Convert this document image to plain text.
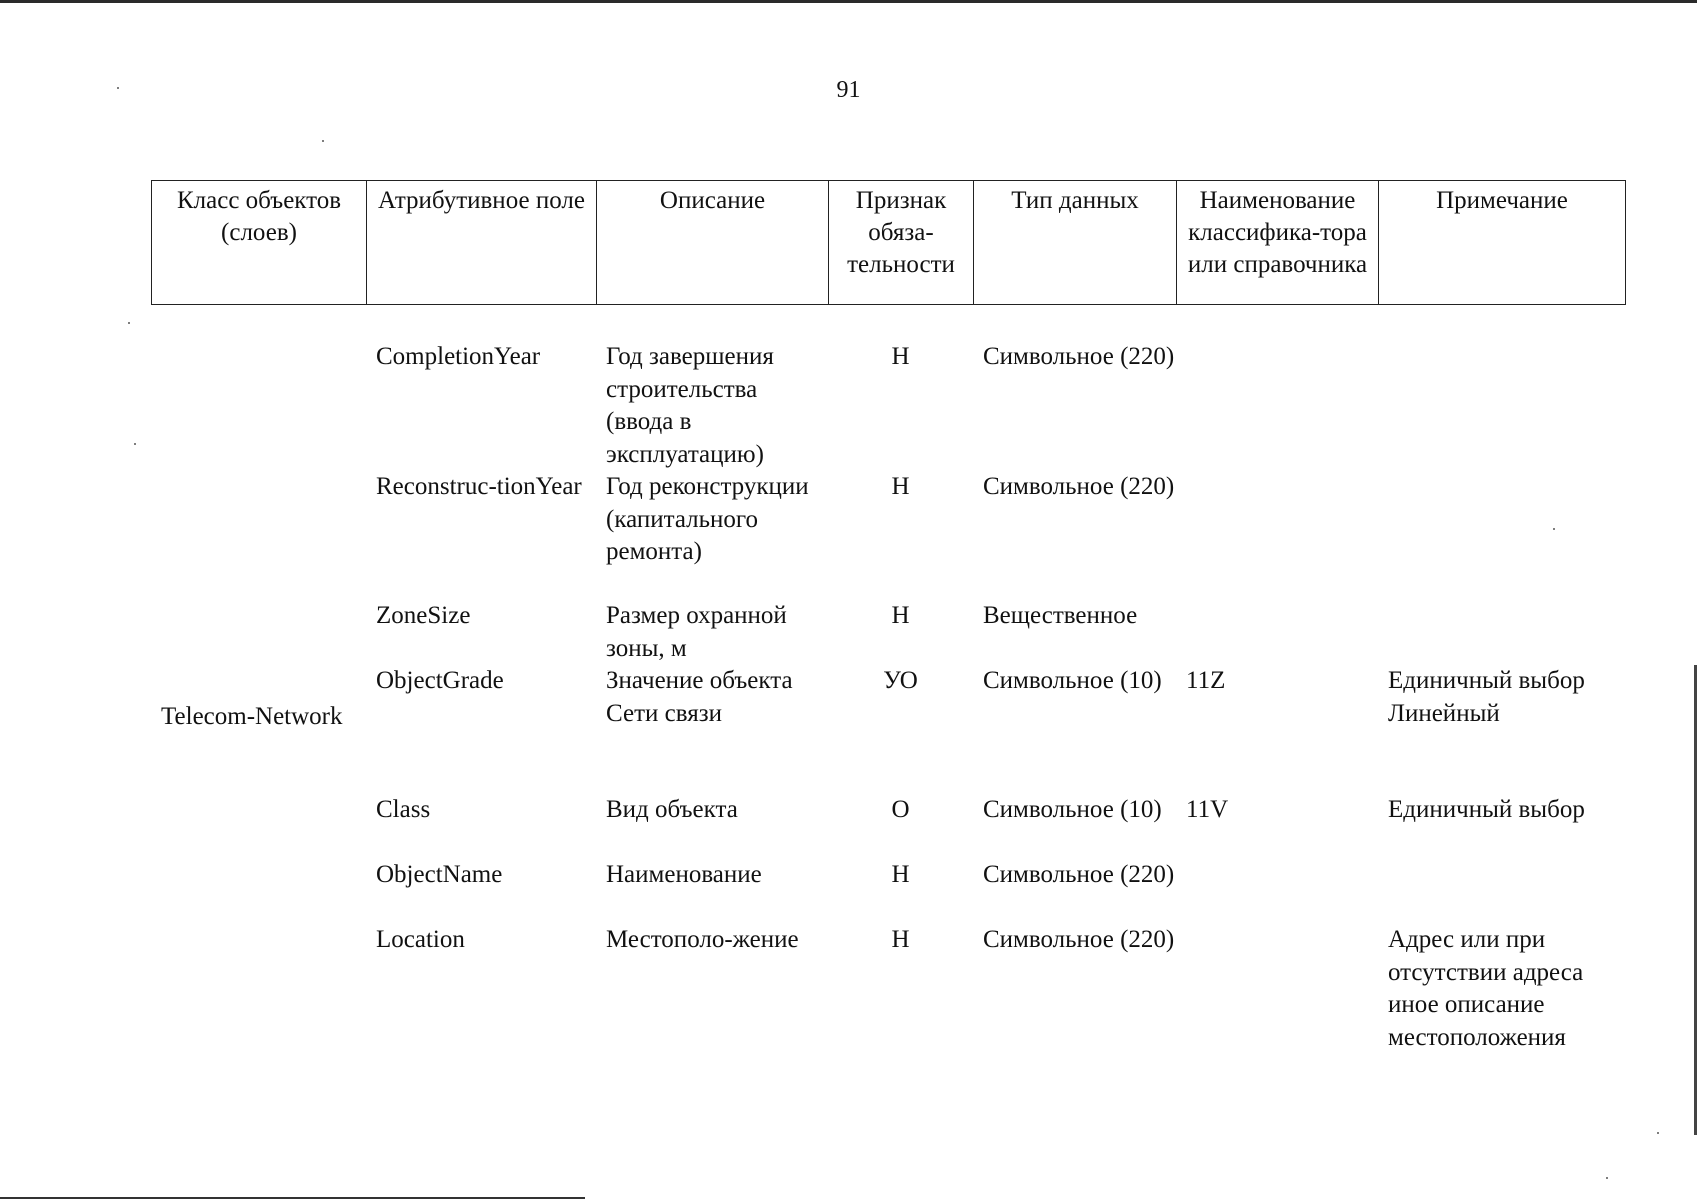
91
Класс объектов (слоев)	Атрибутивное поле	Описание	Признак обяза-тельности	Тип данных	Наименование классифика-тора или справочника	Примечание
Telecom-Network	CompletionYear	Год завершения строительства (ввода в эксплуатацию)	Н	Символьное (220)		
	Reconstruc-tionYear	Год реконструкции (капитального ремонта)	Н	Символьное (220)		
	ZoneSize	Размер охранной зоны, м	Н	Вещественное		
	ObjectGrade	Значение объекта Сети связи	УО	Символьное (10)	11Z	Единичный выбор Линейный
	Class	Вид объекта	О	Символьное (10)	11V	Единичный выбор
	ObjectName	Наименование	Н	Символьное (220)		
	Location	Местополо-жение	Н	Символьное (220)		Адрес или при отсутствии адреса иное описание местоположения
